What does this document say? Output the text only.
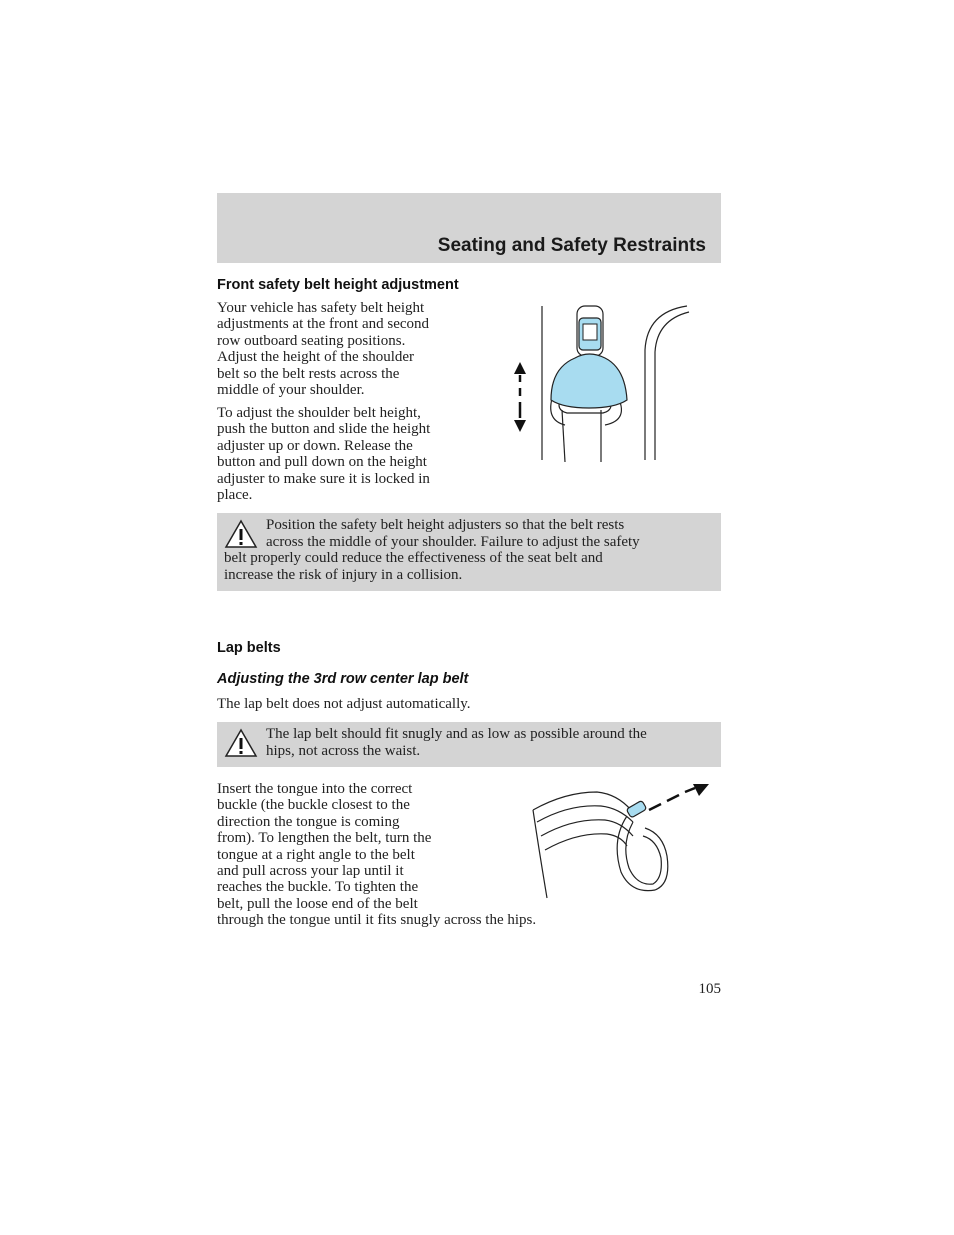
Seating and Safety Restraints
Front safety belt height adjustment
Your vehicle has safety belt height
adjustments at the front and second
row outboard seating positions.
Adjust the height of the shoulder
belt so the belt rests across the
middle of your shoulder.
To adjust the shoulder belt height,
push the button and slide the height
adjuster up or down. Release the
button and pull down on the height
adjuster to make sure it is locked in
place.
Position the safety belt height adjusters so that the belt rests
across the middle of your shoulder. Failure to adjust the safety
belt properly could reduce the effectiveness of the seat belt and
increase the risk of injury in a collision.
Lap belts
Adjusting the 3rd row center lap belt
The lap belt does not adjust automatically.
The lap belt should fit snugly and as low as possible around the
hips, not across the waist.
Insert the tongue into the correct
buckle (the buckle closest to the
direction the tongue is coming
from). To lengthen the belt, turn the
tongue at a right angle to the belt
and pull across your lap until it
reaches the buckle. To tighten the
belt, pull the loose end of the belt
through the tongue until it fits snugly across the hips.
105
